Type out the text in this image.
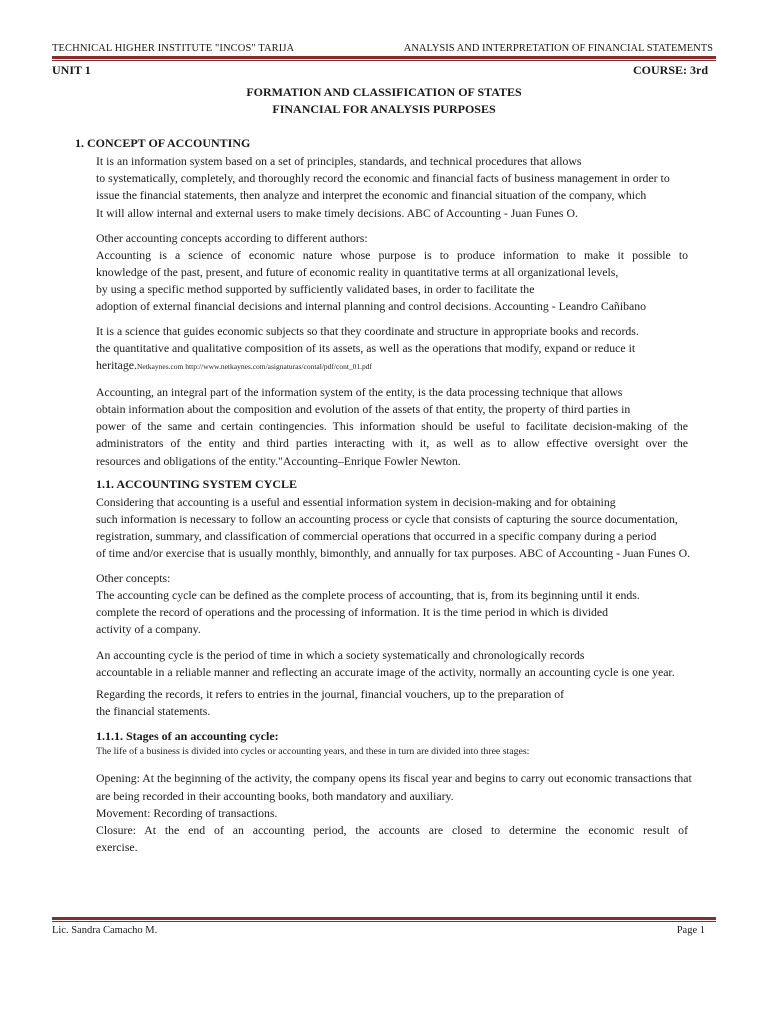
TECHNICAL HIGHER INSTITUTE "INCOS" TARIJA	ANALYSIS AND INTERPRETATION OF FINANCIAL STATEMENTS
UNIT 1	COURSE: 3rd
FORMATION AND CLASSIFICATION OF STATES
FINANCIAL FOR ANALYSIS PURPOSES
1. CONCEPT OF ACCOUNTING
It is an information system based on a set of principles, standards, and technical procedures that allows
to systematically, completely, and thoroughly record the economic and financial facts of business management in order to
issue the financial statements, then analyze and interpret the economic and financial situation of the company, which
It will allow internal and external users to make timely decisions. ABC of Accounting - Juan Funes O.
Other accounting concepts according to different authors:
Accounting is a science of economic nature whose purpose is to produce information to make it possible to
knowledge of the past, present, and future of economic reality in quantitative terms at all organizational levels,
by using a specific method supported by sufficiently validated bases, in order to facilitate the
adoption of external financial decisions and internal planning and control decisions. Accounting - Leandro Cañibano
It is a science that guides economic subjects so that they coordinate and structure in appropriate books and records.
the quantitative and qualitative composition of its assets, as well as the operations that modify, expand or reduce it
heritage.Netkaynes.com http://www.netkaynes.com/asignaturas/contal/pdf/cont_01.pdf
Accounting, an integral part of the information system of the entity, is the data processing technique that allows
obtain information about the composition and evolution of the assets of that entity, the property of third parties in
power of the same and certain contingencies. This information should be useful to facilitate decision-making of the
administrators of the entity and third parties interacting with it, as well as to allow effective oversight over the
resources and obligations of the entity."Accounting–Enrique Fowler Newton.
1.1. ACCOUNTING SYSTEM CYCLE
Considering that accounting is a useful and essential information system in decision-making and for obtaining
such information is necessary to follow an accounting process or cycle that consists of capturing the source documentation,
registration, summary, and classification of commercial operations that occurred in a specific company during a period
of time and/or exercise that is usually monthly, bimonthly, and annually for tax purposes. ABC of Accounting - Juan Funes O.
Other concepts:
The accounting cycle can be defined as the complete process of accounting, that is, from its beginning until it ends.
complete the record of operations and the processing of information. It is the time period in which is divided
activity of a company.
An accounting cycle is the period of time in which a society systematically and chronologically records
accountable in a reliable manner and reflecting an accurate image of the activity, normally an accounting cycle is one year.
Regarding the records, it refers to entries in the journal, financial vouchers, up to the preparation of
the financial statements.
1.1.1. Stages of an accounting cycle:
The life of a business is divided into cycles or accounting years, and these in turn are divided into three stages:
Opening: At the beginning of the activity, the company opens its fiscal year and begins to carry out economic transactions that
are being recorded in their accounting books, both mandatory and auxiliary.
Movement: Recording of transactions.
Closure: At the end of an accounting period, the accounts are closed to determine the economic result of
exercise.
Lic. Sandra Camacho M.	Page 1
